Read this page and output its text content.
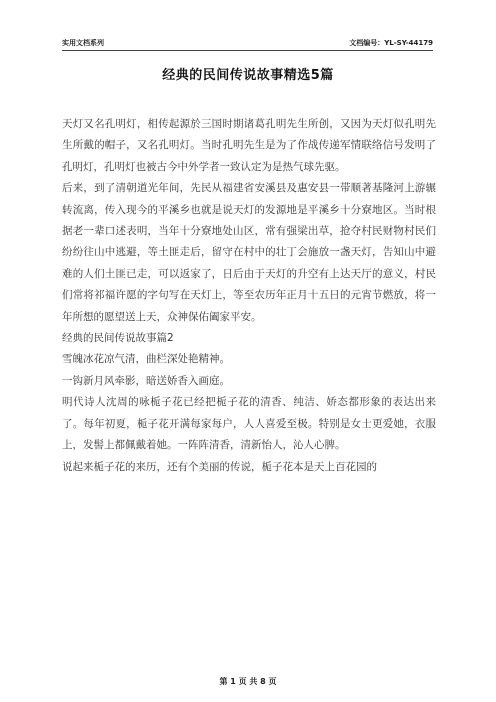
实用文档系列	文档编号：YL-SY-44179
经典的民间传说故事精选5篇

天灯又名孔明灯，相传起源於三国时期诸葛孔明先生所创，又因为天灯似孔明先生所戴的帽子，又名孔明灯。当时孔明先生是为了作战传递军情联络信号发明了孔明灯，孔明灯也被古今中外学者一致认定为是热气球先驱。

后来，到了清朝道光年间，先民从福建省安溪县及惠安县一带顺著基隆河上游辗转流离，传入现今的平溪乡也就是说天灯的发源地是平溪乡十分寮地区。当时根据老一辈口述表明，当年十分寮地处山区，常有强梁出草，抢夺村民财物村民们纷纷往山中逃避，等土匪走后，留守在村中的壮丁会施放一盏天灯，告知山中避难的人们土匪已走，可以返家了，日后由于天灯的升空有上达天厅的意义，村民们常将祁福许愿的字句写在天灯上，等至农历年正月十五日的元宵节燃放，将一年所想的愿望送上天，众神保佑阖家平安。

经典的民间传说故事篇2

雪魄冰花凉气清，曲栏深处艳精神。

一钩新月风牵影，暗送娇香入画庭。

明代诗人沈周的咏栀子花已经把栀子花的清香、纯洁、娇态都形象的表达出来了。每年初夏，栀子花开满每家每户，人人喜爱至极。特别是女士更爱她，衣服上，发髻上都佩戴着她。一阵阵清香，清新怡人，沁人心脾。

说起来栀子花的来历，还有个美丽的传说，栀子花本是天上百花园的

第 1 页 共 8 页
